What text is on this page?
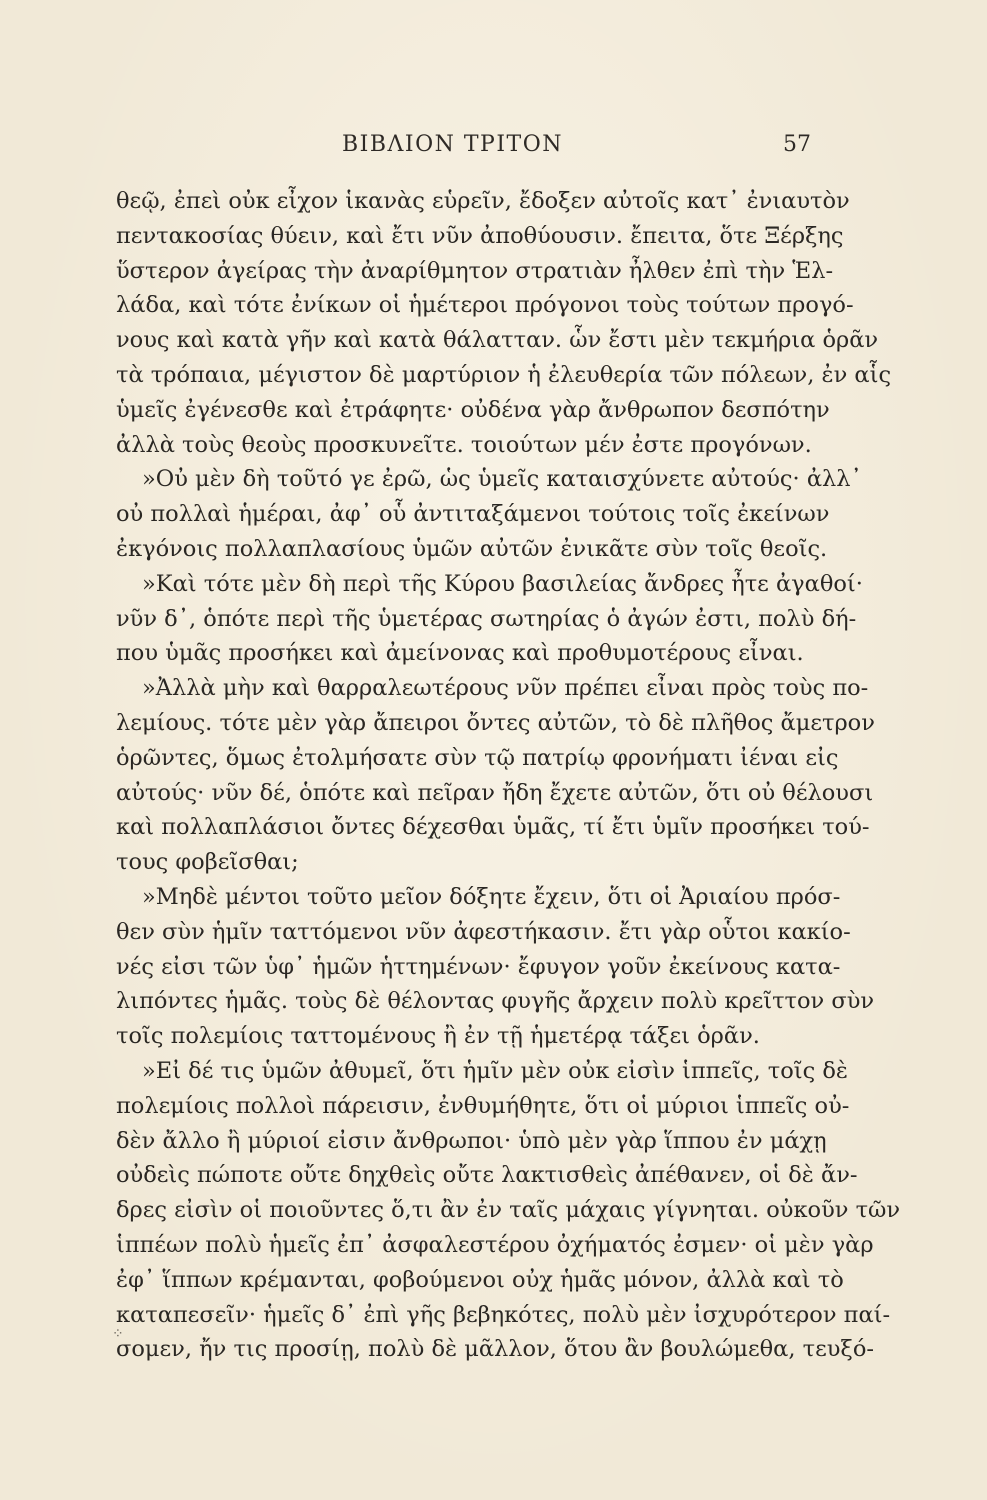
ΒΙΒΛΙΟΝ ΤΡΙΤΟΝ	57
θεῷ, ἐπεὶ οὐκ εἶχον ἱκανὰς εὑρεῖν, ἔδοξεν αὐτοῖς κατ᾽ ἐνιαυτὸν
πεντακοσίας θύειν, καὶ ἔτι νῦν ἀποθύουσιν. ἔπειτα, ὅτε Ξέρξης
ὕστερον ἀγείρας τὴν ἀναρίθμητον στρατιὰν ἦλθεν ἐπὶ τὴν Ἑλ-
λάδα, καὶ τότε ἐνίκων οἱ ἡμέτεροι πρόγονοι τοὺς τούτων προγό-
νους καὶ κατὰ γῆν καὶ κατὰ θάλατταν. ὧν ἔστι μὲν τεκμήρια ὁρᾶν
τὰ τρόπαια, μέγιστον δὲ μαρτύριον ἡ ἐλευθερία τῶν πόλεων, ἐν αἷς
ὑμεῖς ἐγένεσθε καὶ ἐτράφητε· οὐδένα γὰρ ἄνθρωπον δεσπότην
ἀλλὰ τοὺς θεοὺς προσκυνεῖτε. τοιούτων μέν ἐστε προγόνων.
»Οὐ μὲν δὴ τοῦτό γε ἐρῶ, ὡς ὑμεῖς καταισχύνετε αὐτούς· ἀλλ᾽
οὐ πολλαὶ ἡμέραι, ἀφ᾽ οὗ ἀντιταξάμενοι τούτοις τοῖς ἐκείνων
ἐκγόνοις πολλαπλασίους ὑμῶν αὐτῶν ἐνικᾶτε σὺν τοῖς θεοῖς.
»Καὶ τότε μὲν δὴ περὶ τῆς Κύρου βασιλείας ἄνδρες ἦτε ἀγαθοί·
νῦν δ᾽, ὁπότε περὶ τῆς ὑμετέρας σωτηρίας ὁ ἀγών ἐστι, πολὺ δή-
που ὑμᾶς προσήκει καὶ ἀμείνονας καὶ προθυμοτέρους εἶναι.
»Ἀλλὰ μὴν καὶ θαρραλεωτέρους νῦν πρέπει εἶναι πρὸς τοὺς πο-
λεμίους. τότε μὲν γὰρ ἄπειροι ὄντες αὐτῶν, τὸ δὲ πλῆθος ἄμετρον
ὁρῶντες, ὅμως ἐτολμήσατε σὺν τῷ πατρίῳ φρονήματι ἰέναι εἰς
αὐτούς· νῦν δέ, ὁπότε καὶ πεῖραν ἤδη ἔχετε αὐτῶν, ὅτι οὐ θέλουσι
καὶ πολλαπλάσιοι ὄντες δέχεσθαι ὑμᾶς, τί ἔτι ὑμῖν προσήκει τού-
τους φοβεῖσθαι;
»Μηδὲ μέντοι τοῦτο μεῖον δόξητε ἔχειν, ὅτι οἱ Ἀριαίου πρόσ-
θεν σὺν ἡμῖν ταττόμενοι νῦν ἀφεστήκασιν. ἔτι γὰρ οὗτοι κακίο-
νές εἰσι τῶν ὑφ᾽ ἡμῶν ἡττημένων· ἔφυγον γοῦν ἐκείνους κατα-
λιπόντες ἡμᾶς. τοὺς δὲ θέλοντας φυγῆς ἄρχειν πολὺ κρεῖττον σὺν
τοῖς πολεμίοις ταττομένους ἢ ἐν τῇ ἡμετέρᾳ τάξει ὁρᾶν.
»Εἰ δέ τις ὑμῶν ἀθυμεῖ, ὅτι ἡμῖν μὲν οὐκ εἰσὶν ἱππεῖς, τοῖς δὲ
πολεμίοις πολλοὶ πάρεισιν, ἐνθυμήθητε, ὅτι οἱ μύριοι ἱππεῖς οὐ-
δὲν ἄλλο ἢ μύριοί εἰσιν ἄνθρωποι· ὑπὸ μὲν γὰρ ἵππου ἐν μάχῃ
οὐδεὶς πώποτε οὔτε δηχθεὶς οὔτε λακτισθεὶς ἀπέθανεν, οἱ δὲ ἄν-
δρες εἰσὶν οἱ ποιοῦντες ὅ,τι ἂν ἐν ταῖς μάχαις γίγνηται. οὐκοῦν τῶν
ἱππέων πολὺ ἡμεῖς ἐπ᾽ ἀσφαλεστέρου ὀχήματός ἐσμεν· οἱ μὲν γὰρ
ἐφ᾽ ἵππων κρέμανται, φοβούμενοι οὐχ ἡμᾶς μόνον, ἀλλὰ καὶ τὸ
καταπεσεῖν· ἡμεῖς δ᾽ ἐπὶ γῆς βεβηκότες, πολὺ μὲν ἰσχυρότερον παί-
σομεν, ἤν τις προσίῃ, πολὺ δὲ μᾶλλον, ὅτου ἂν βουλώμεθα, τευξό-
⁘
